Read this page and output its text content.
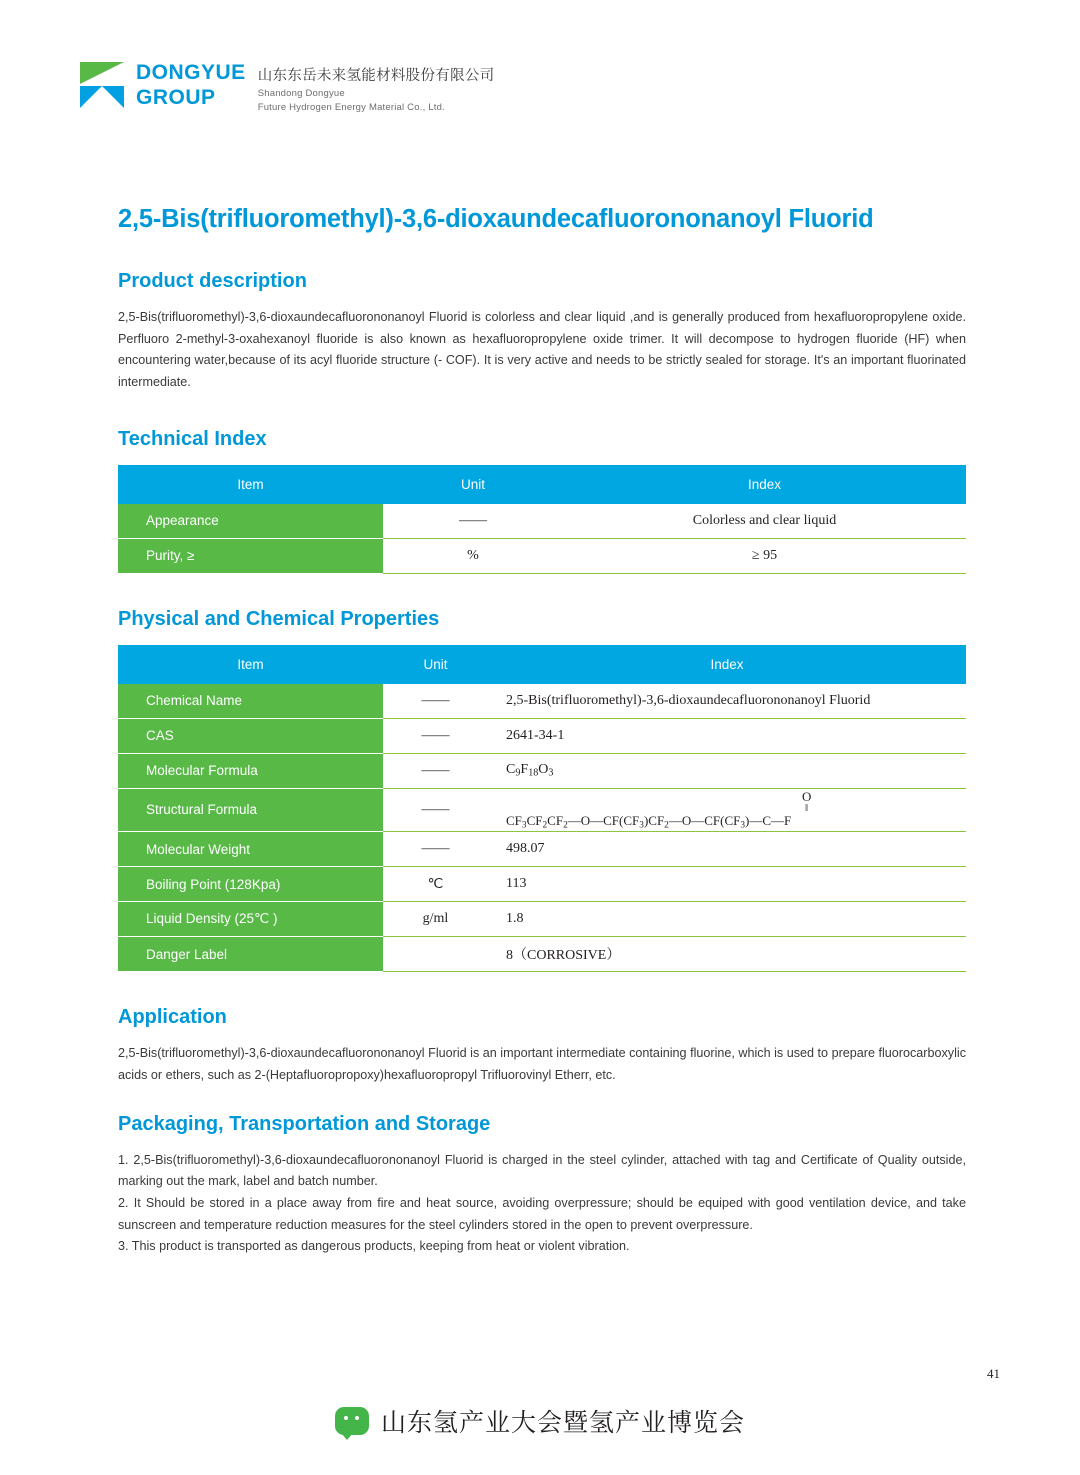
DONGYUE
GROUP
山东东岳未来氢能材料股份有限公司
Shandong Dongyue
Future Hydrogen Energy Material Co., Ltd.
2,5-Bis(trifluoromethyl)-3,6-dioxaundecafluorononanoyl Fluorid
Product description

2,5-Bis(trifluoromethyl)-3,6-dioxaundecafluorononanoyl Fluorid is colorless and clear liquid ,and is generally produced from hexafluoropropylene oxide. Perfluoro 2-methyl-3-oxahexanoyl fluoride is also known as hexafluoropropylene oxide trimer. It will decompose to hydrogen fluoride (HF) when encountering water,because of its acyl fluoride structure (- COF). It is very active and needs to be strictly sealed for storage. It's an important fluorinated intermediate.

Technical Index
Item	Unit	Index
Appearance	——	Colorless and clear liquid
Purity, ≥	%	≥ 95
Physical and Chemical Properties
Item	Unit	Index
Chemical Name	——	2,5-Bis(trifluoromethyl)-3,6-dioxaundecafluorononanoyl Fluorid
CAS	——	2641-34-1
Molecular Formula	——	$C_9F_{18}O_3$
Structural Formula	——	O
‖
$CF_3CF_2CF_2—O—CF(CF_3)CF_2—O—CF(CF_3)—C—F$

Molecular Weight	——	498.07
Boiling Point (128Kpa)	℃	113
Liquid Density (25℃ )	g/ml	1.8
Danger Label		8（CORROSIVE）
Application

2,5-Bis(trifluoromethyl)-3,6-dioxaundecafluorononanoyl Fluorid is an important intermediate containing fluorine, which is used to prepare fluorocarboxylic acids or ethers, such as 2-(Heptafluoropropoxy)hexafluoropropyl Trifluorovinyl Etherr, etc.

Packaging, Transportation and Storage

1. 2,5-Bis(trifluoromethyl)-3,6-dioxaundecafluorononanoyl Fluorid is charged in the steel cylinder, attached with tag and Certificate of Quality outside, marking out the mark, label and batch number.

2. It Should be stored in a place away from fire and heat source, avoiding overpressure; should be equiped with good ventilation device, and take sunscreen and temperature reduction measures for the steel cylinders stored in the open to prevent overpressure.

3. This product is transported as dangerous products, keeping from heat or violent vibration.

41
山东氢产业大会暨氢产业博览会
